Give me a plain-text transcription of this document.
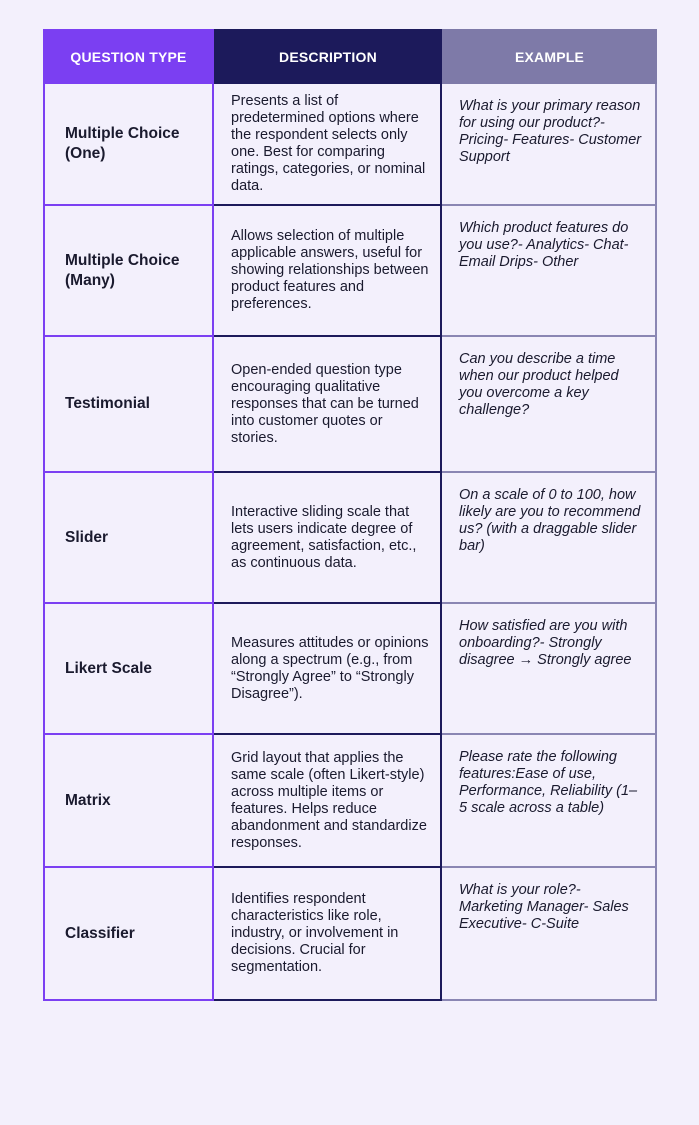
QUESTION TYPE	DESCRIPTION	EXAMPLE
Multiple Choice (One)
Presents a list of predetermined options where the respondent selects only one. Best for comparing ratings, categories, or nominal data.
What is your primary reason for using our product?- Pricing- Features- Customer Support
Multiple Choice (Many)
Allows selection of multiple applicable answers, useful for showing relationships between product features and preferences.
Which product features do you use?- Analytics- Chat- Email Drips- Other
Testimonial
Open-ended question type encouraging qualitative responses that can be turned into customer quotes or stories.
Can you describe a time when our product helped you overcome a key challenge?
Slider
Interactive sliding scale that lets users indicate degree of agreement, satisfaction, etc., as continuous data.
On a scale of 0 to 100, how likely are you to recommend us? (with a draggable slider bar)
Likert Scale
Measures attitudes or opinions along a spectrum (e.g., from “Strongly Agree” to “Strongly Disagree”).
How satisfied are you with onboarding?- Strongly disagree → Strongly agree
Matrix
Grid layout that applies the same scale (often Likert-style) across multiple items or features. Helps reduce abandonment and standardize responses.
Please rate the following features:Ease of use, Performance, Reliability (1–5 scale across a table)
Classifier
Identifies respondent characteristics like role, industry, or involvement in decisions. Crucial for segmentation.
What is your role?- Marketing Manager- Sales Executive- C-Suite
